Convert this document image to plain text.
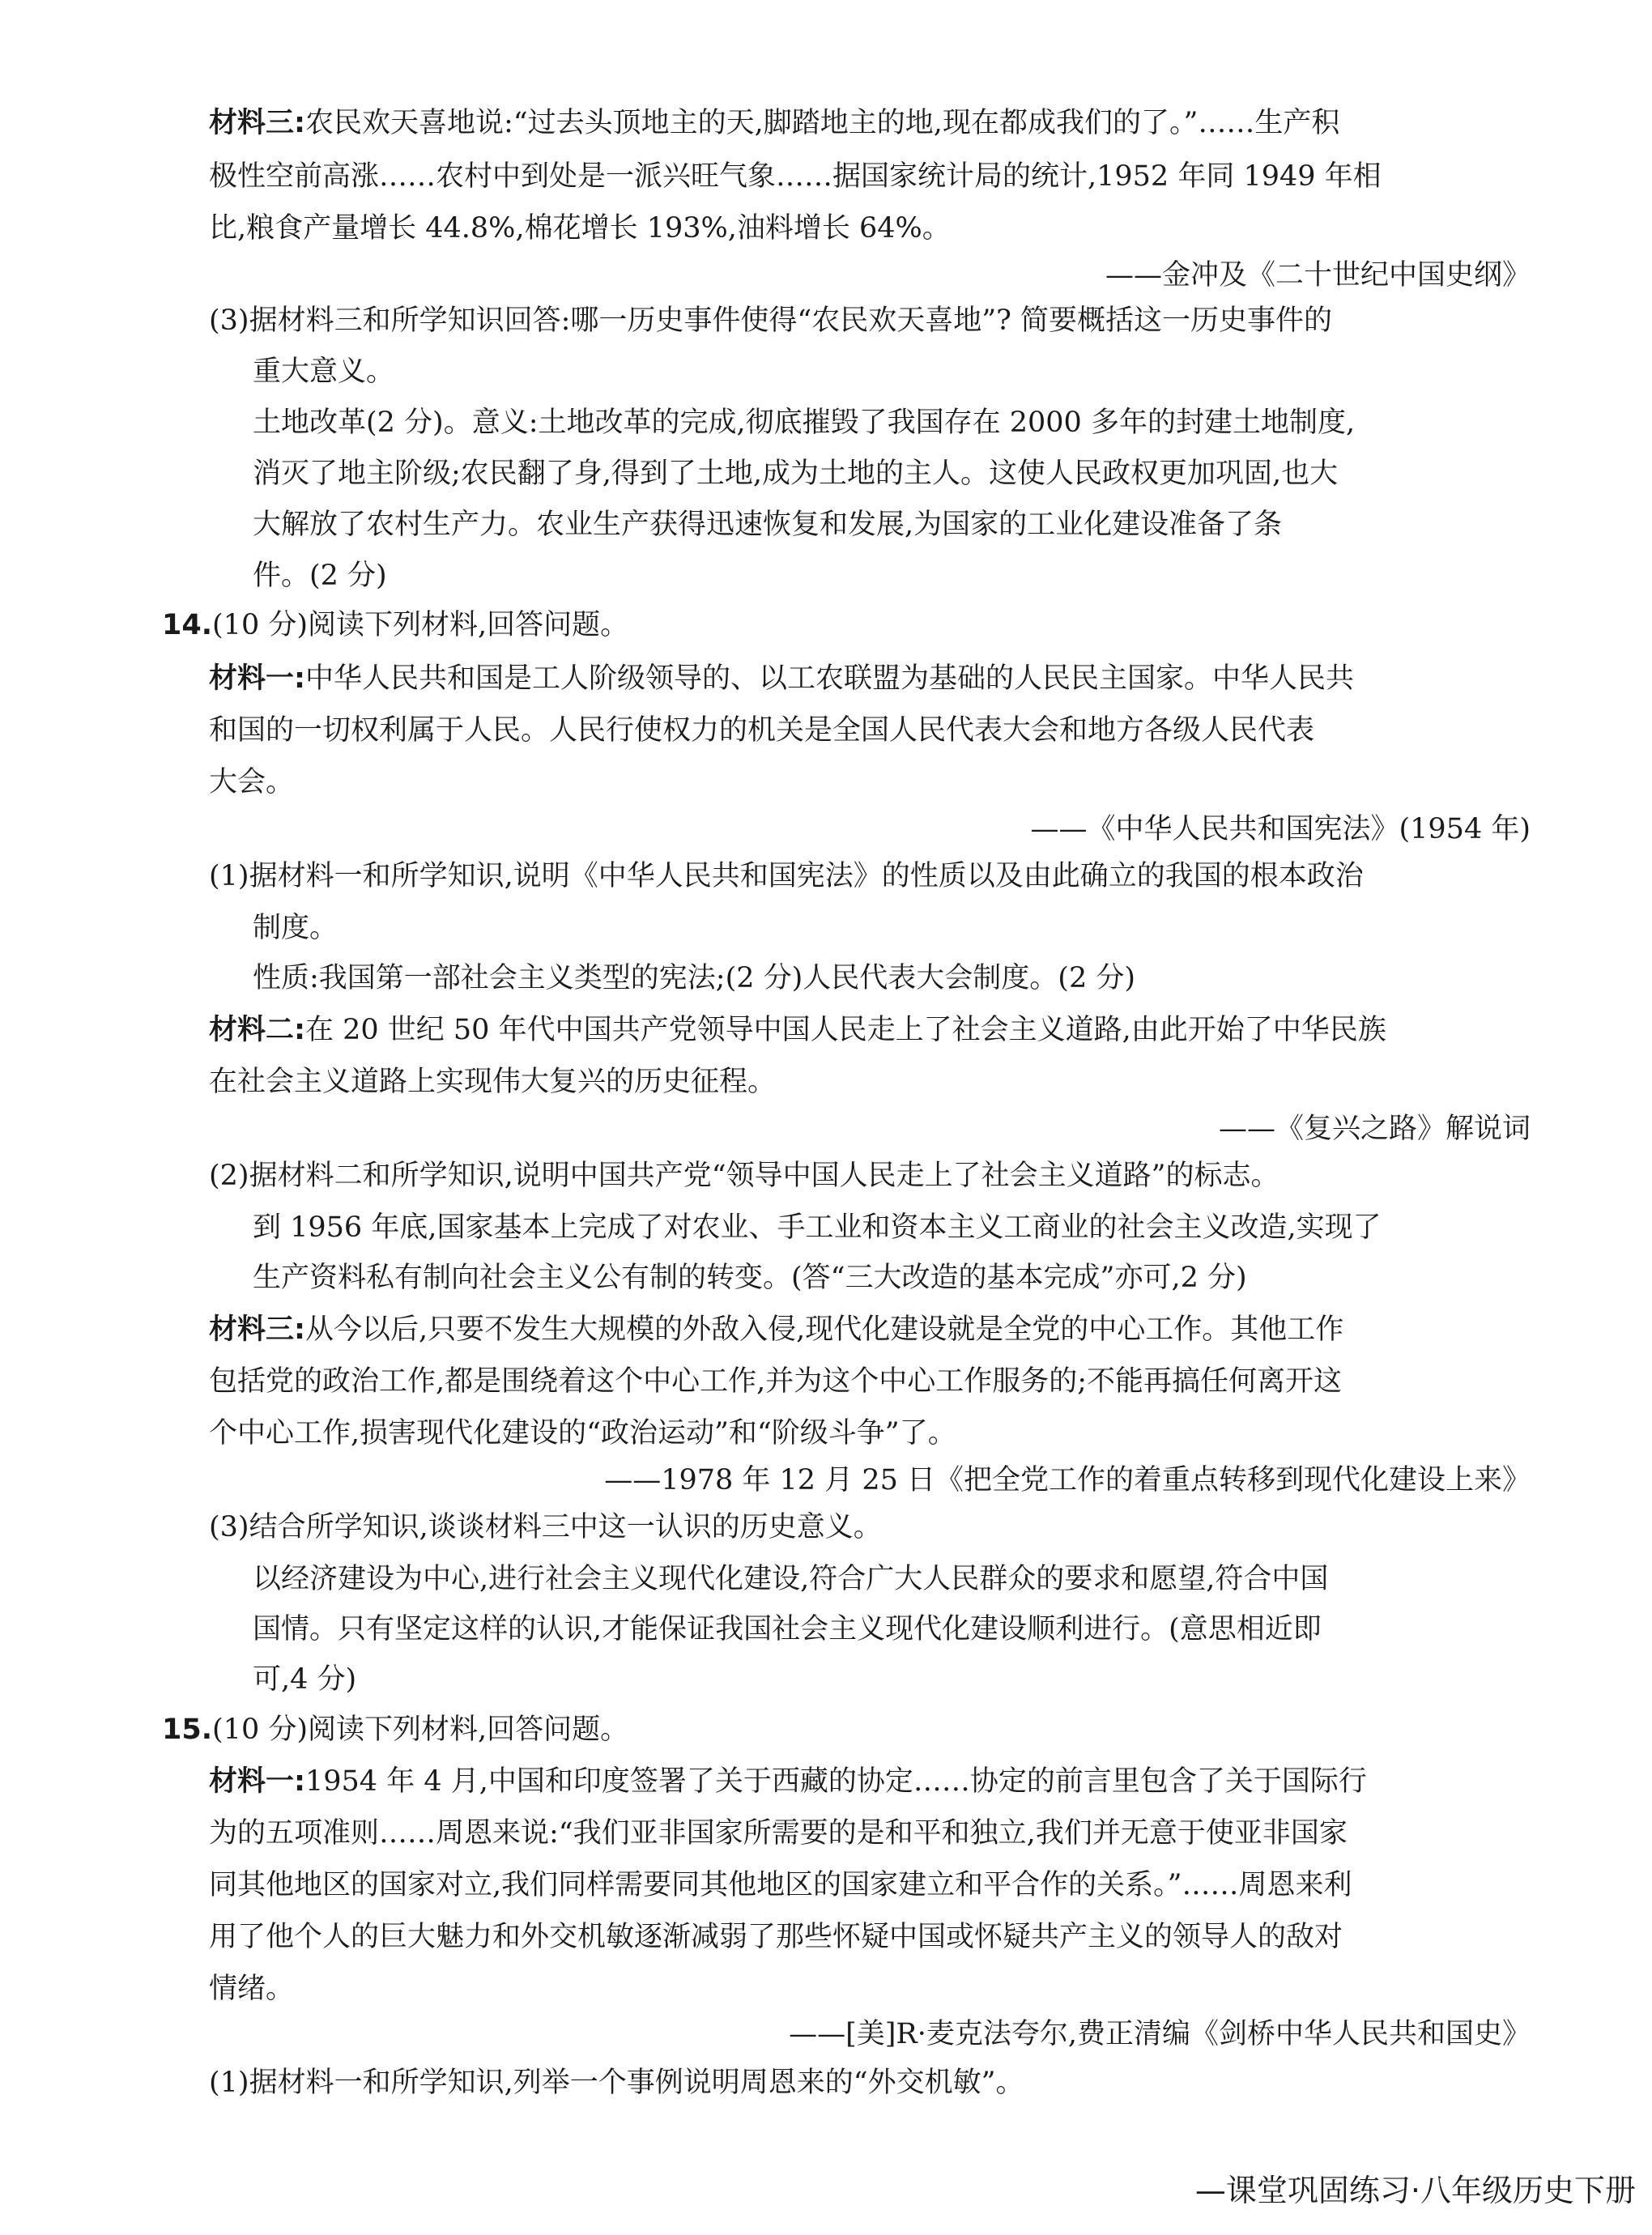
材料三:农民欢天喜地说:“过去头顶地主的天,脚踏地主的地,现在都成我们的了。”……生产积
极性空前高涨……农村中到处是一派兴旺气象……据国家统计局的统计,1952 年同 1949 年相
比,粮食产量增长 44.8%,棉花增长 193%,油料增长 64%。
——金冲及《二十世纪中国史纲》
(3)据材料三和所学知识回答:哪一历史事件使得“农民欢天喜地”? 简要概括这一历史事件的
重大意义。
土地改革(2 分)。意义:土地改革的完成,彻底摧毁了我国存在 2000 多年的封建土地制度,
消灭了地主阶级;农民翻了身,得到了土地,成为土地的主人。这使人民政权更加巩固,也大
大解放了农村生产力。农业生产获得迅速恢复和发展,为国家的工业化建设准备了条
件。(2 分)
14.(10 分)阅读下列材料,回答问题。
材料一:中华人民共和国是工人阶级领导的、以工农联盟为基础的人民民主国家。中华人民共
和国的一切权利属于人民。人民行使权力的机关是全国人民代表大会和地方各级人民代表
大会。
——《中华人民共和国宪法》(1954 年)
(1)据材料一和所学知识,说明《中华人民共和国宪法》的性质以及由此确立的我国的根本政治
制度。
性质:我国第一部社会主义类型的宪法;(2 分)人民代表大会制度。(2 分)
材料二:在 20 世纪 50 年代中国共产党领导中国人民走上了社会主义道路,由此开始了中华民族
在社会主义道路上实现伟大复兴的历史征程。
——《复兴之路》解说词
(2)据材料二和所学知识,说明中国共产党“领导中国人民走上了社会主义道路”的标志。
到 1956 年底,国家基本上完成了对农业、手工业和资本主义工商业的社会主义改造,实现了
生产资料私有制向社会主义公有制的转变。(答“三大改造的基本完成”亦可,2 分)
材料三:从今以后,只要不发生大规模的外敌入侵,现代化建设就是全党的中心工作。其他工作
包括党的政治工作,都是围绕着这个中心工作,并为这个中心工作服务的;不能再搞任何离开这
个中心工作,损害现代化建设的“政治运动”和“阶级斗争”了。
——1978 年 12 月 25 日《把全党工作的着重点转移到现代化建设上来》
(3)结合所学知识,谈谈材料三中这一认识的历史意义。
以经济建设为中心,进行社会主义现代化建设,符合广大人民群众的要求和愿望,符合中国
国情。只有坚定这样的认识,才能保证我国社会主义现代化建设顺利进行。(意思相近即
可,4 分)
15.(10 分)阅读下列材料,回答问题。
材料一:1954 年 4 月,中国和印度签署了关于西藏的协定……协定的前言里包含了关于国际行
为的五项准则……周恩来说:“我们亚非国家所需要的是和平和独立,我们并无意于使亚非国家
同其他地区的国家对立,我们同样需要同其他地区的国家建立和平合作的关系。”……周恩来利
用了他个人的巨大魅力和外交机敏逐渐减弱了那些怀疑中国或怀疑共产主义的领导人的敌对
情绪。
——[美]R·麦克法夸尔,费正清编《剑桥中华人民共和国史》
(1)据材料一和所学知识,列举一个事例说明周恩来的“外交机敏”。
—课堂巩固练习·八年级历史下册
